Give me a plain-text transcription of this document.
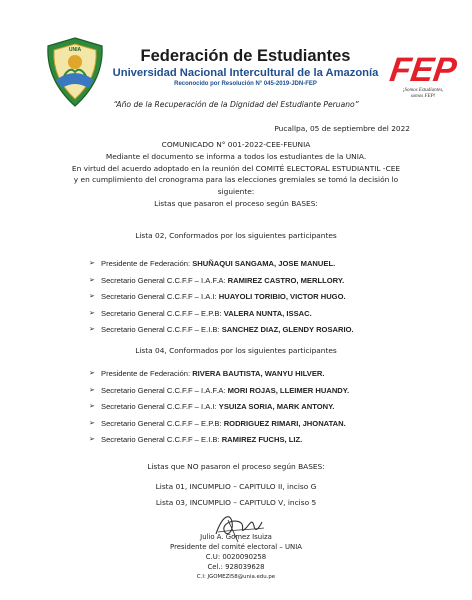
UNIA	Federación de Estudiantes
Universidad Nacional Intercultural de la Amazonía
Reconocido por Resolución N° 045-2019-JDN-FEP	FEP
¡Somos Estudiantes,
somos FEP!
“Año de la Recuperación de la Dignidad del Estudiante Peruano”
Pucallpa, 05 de septiembre del 2022
COMUNICADO N° 001-2022-CEE-FEUNIA
Mediante el documento se informa a todos los estudiantes de la UNIA.
En virtud del acuerdo adoptado en la reunión del COMITÉ ELECTORAL ESTUDIANTIL -CEE
y en cumplimiento del cronograma para las elecciones gremiales se tomó la decisión lo
siguiente:
Listas que pasaron el proceso según BASES:
Lista 02, Conformados por los siguientes participantes
➢ Presidente de Federación: SHUÑAQUI SANGAMA, JOSE MANUEL.
➢ Secretario General C.C.F.F – I.A.F.A: RAMIREZ CASTRO, MERLLORY.
➢ Secretario General C.C.F.F – I.A.I: HUAYOLI TORIBIO, VICTOR HUGO.
➢ Secretario General C.C.F.F – E.P.B: VALERA NUNTA, ISSAC.
➢ Secretario General C.C.F.F – E.I.B: SANCHEZ DIAZ, GLENDY ROSARIO.
Lista 04, Conformados por los siguientes participantes
➢ Presidente de Federación: RIVERA BAUTISTA, WANYU HILVER.
➢ Secretario General C.C.F.F – I.A.F.A: MORI ROJAS, LLEIMER HUANDY.
➢ Secretario General C.C.F.F – I.A.I: YSUIZA SORIA, MARK ANTONY.
➢ Secretario General C.C.F.F – E.P.B: RODRIGUEZ RIMARI, JHONATAN.
➢ Secretario General C.C.F.F – E.I.B: RAMIREZ FUCHS, LIZ.
Listas que NO pasaron el proceso según BASES:
Lista 01, INCUMPLIO – CAPITULO II, inciso G
Lista 03, INCUMPLIO – CAPITULO V, inciso 5
Julio A. Gomez Isuiza
Presidente del comité electoral – UNIA
C.U: 0020090258
Cel.: 928039628
C.I: JGOMEZI58@unia.edu.pe
